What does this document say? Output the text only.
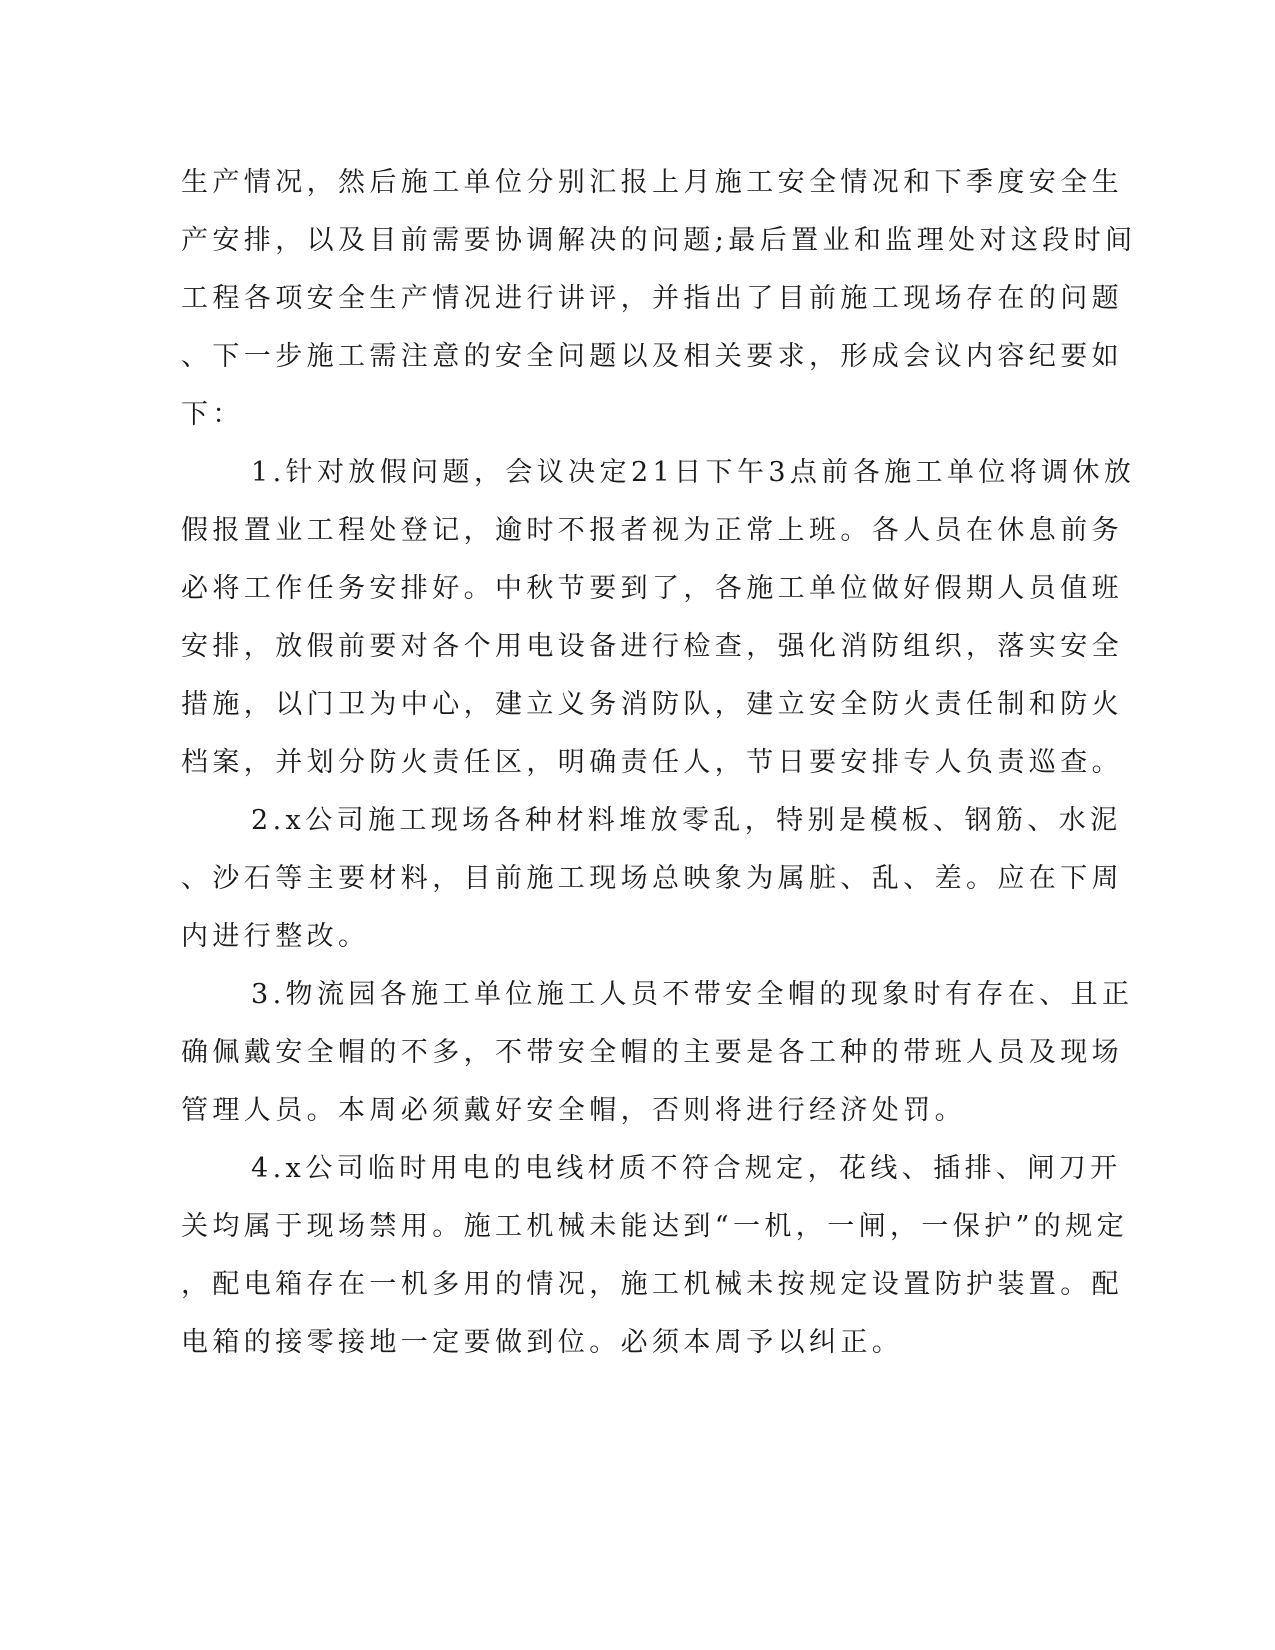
生产情况，然后施工单位分别汇报上月施工安全情况和下季度安全生
产安排，以及目前需要协调解决的问题;最后置业和监理处对这段时间
工程各项安全生产情况进行讲评，并指出了目前施工现场存在的问题
、下一步施工需注意的安全问题以及相关要求，形成会议内容纪要如
下：
1.针对放假问题，会议决定21日下午3点前各施工单位将调休放
假报置业工程处登记，逾时不报者视为正常上班。各人员在休息前务
必将工作任务安排好。中秋节要到了，各施工单位做好假期人员值班
安排，放假前要对各个用电设备进行检查，强化消防组织，落实安全
措施，以门卫为中心，建立义务消防队，建立安全防火责任制和防火
档案，并划分防火责任区，明确责任人，节日要安排专人负责巡查。
2.x公司施工现场各种材料堆放零乱，特别是模板、钢筋、水泥
、沙石等主要材料，目前施工现场总映象为属脏、乱、差。应在下周
内进行整改。
3.物流园各施工单位施工人员不带安全帽的现象时有存在、且正
确佩戴安全帽的不多，不带安全帽的主要是各工种的带班人员及现场
管理人员。本周必须戴好安全帽，否则将进行经济处罚。
4.x公司临时用电的电线材质不符合规定，花线、插排、闸刀开
关均属于现场禁用。施工机械未能达到“一机，一闸，一保护”的规定
，配电箱存在一机多用的情况，施工机械未按规定设置防护装置。配
电箱的接零接地一定要做到位。必须本周予以纠正。
